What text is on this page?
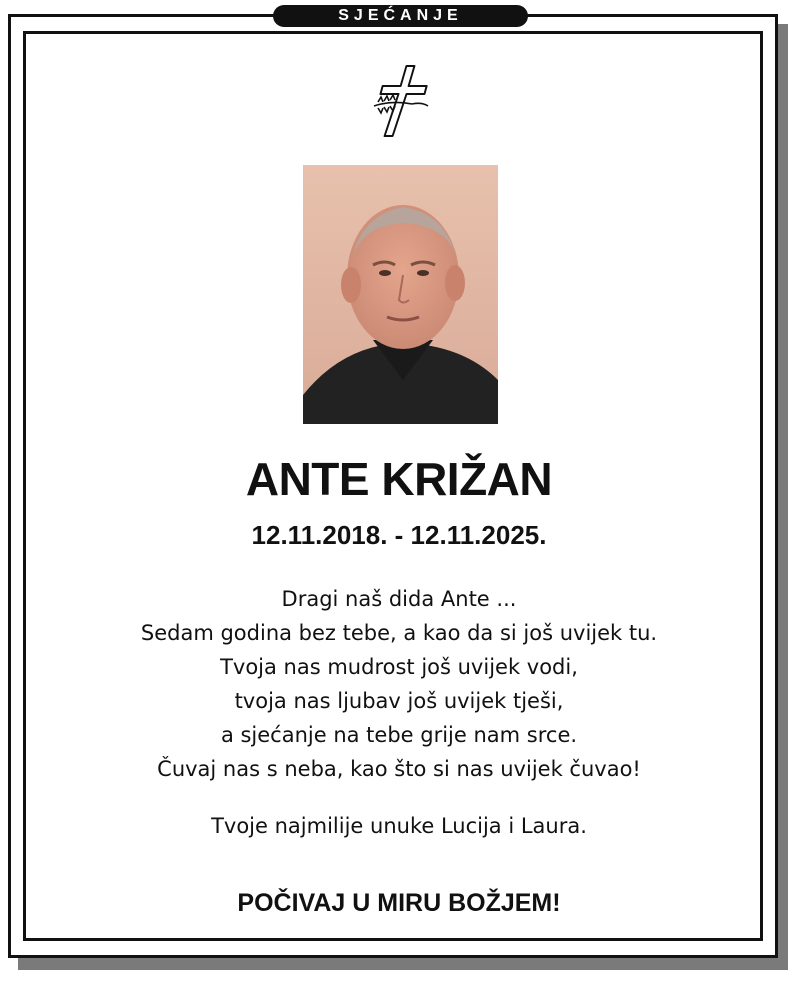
SJEĆANJE
ANTE KRIŽAN
12.11.2018. - 12.11.2025.
Dragi naš dida Ante ...
Sedam godina bez tebe, a kao da si još uvijek tu.
Tvoja nas mudrost još uvijek vodi,
tvoja nas ljubav još uvijek tješi,
a sjećanje na tebe grije nam srce.
Čuvaj nas s neba, kao što si nas uvijek čuvao!
Tvoje najmilije unuke Lucija i Laura.
POČIVAJ U MIRU BOŽJEM!
